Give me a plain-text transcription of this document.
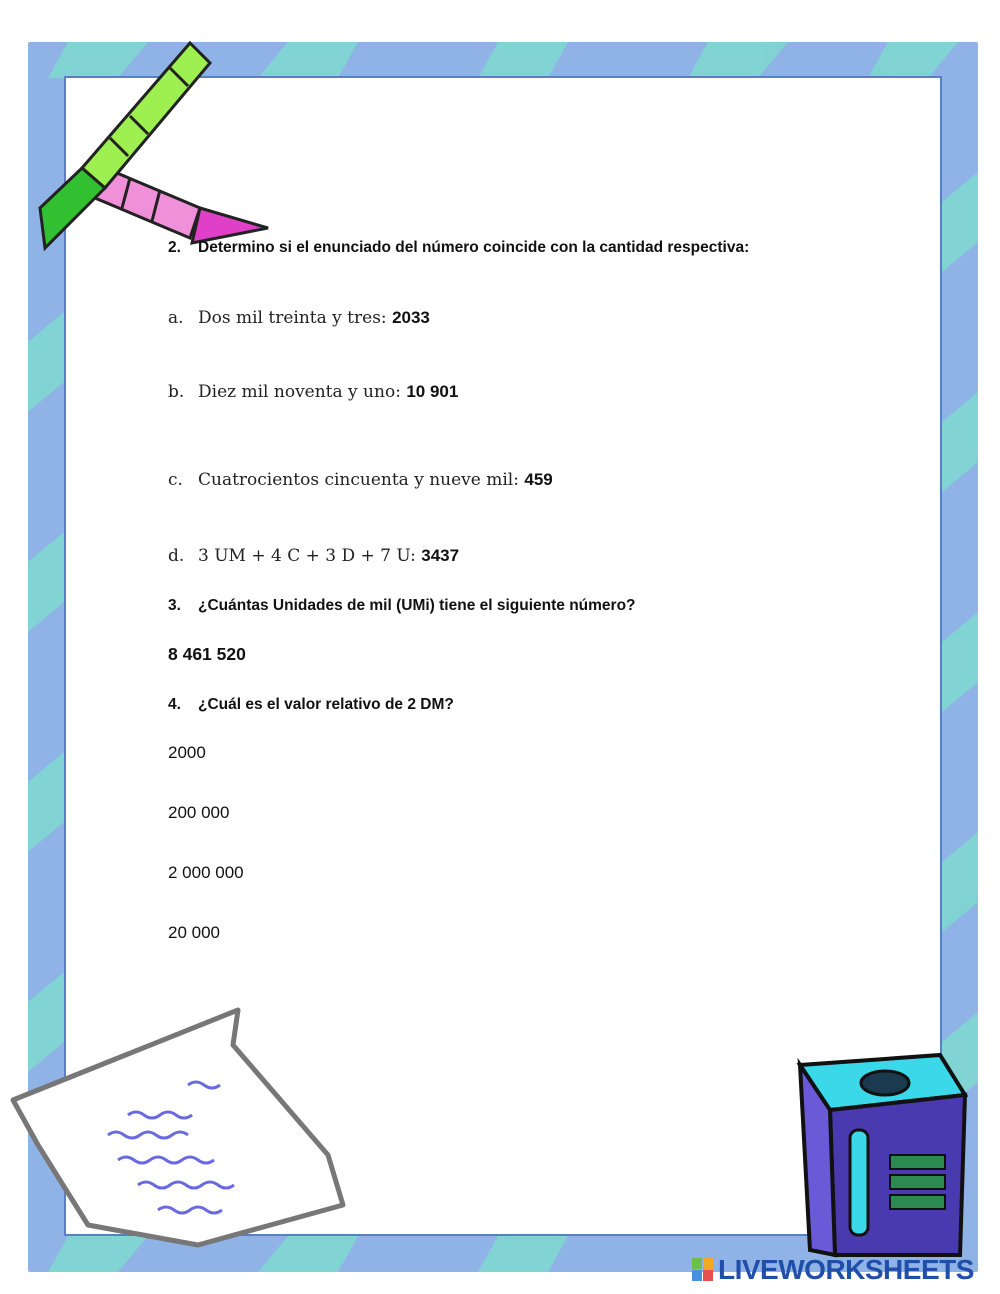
2. Determino si el enunciado del número coincide con la cantidad respectiva:
a. Dos mil treinta y tres: 2033
b. Diez mil noventa y uno: 10 901
c. Cuatrocientos cincuenta y nueve mil: 459
d. 3 UM + 4 C + 3 D + 7 U: 3437
3. ¿Cuántas Unidades de mil (UMi) tiene el siguiente número?
8 461 520
4. ¿Cuál es el valor relativo de 2 DM?
2000
200 000
2 000 000
20 000
LIVEWORKSHEETS
